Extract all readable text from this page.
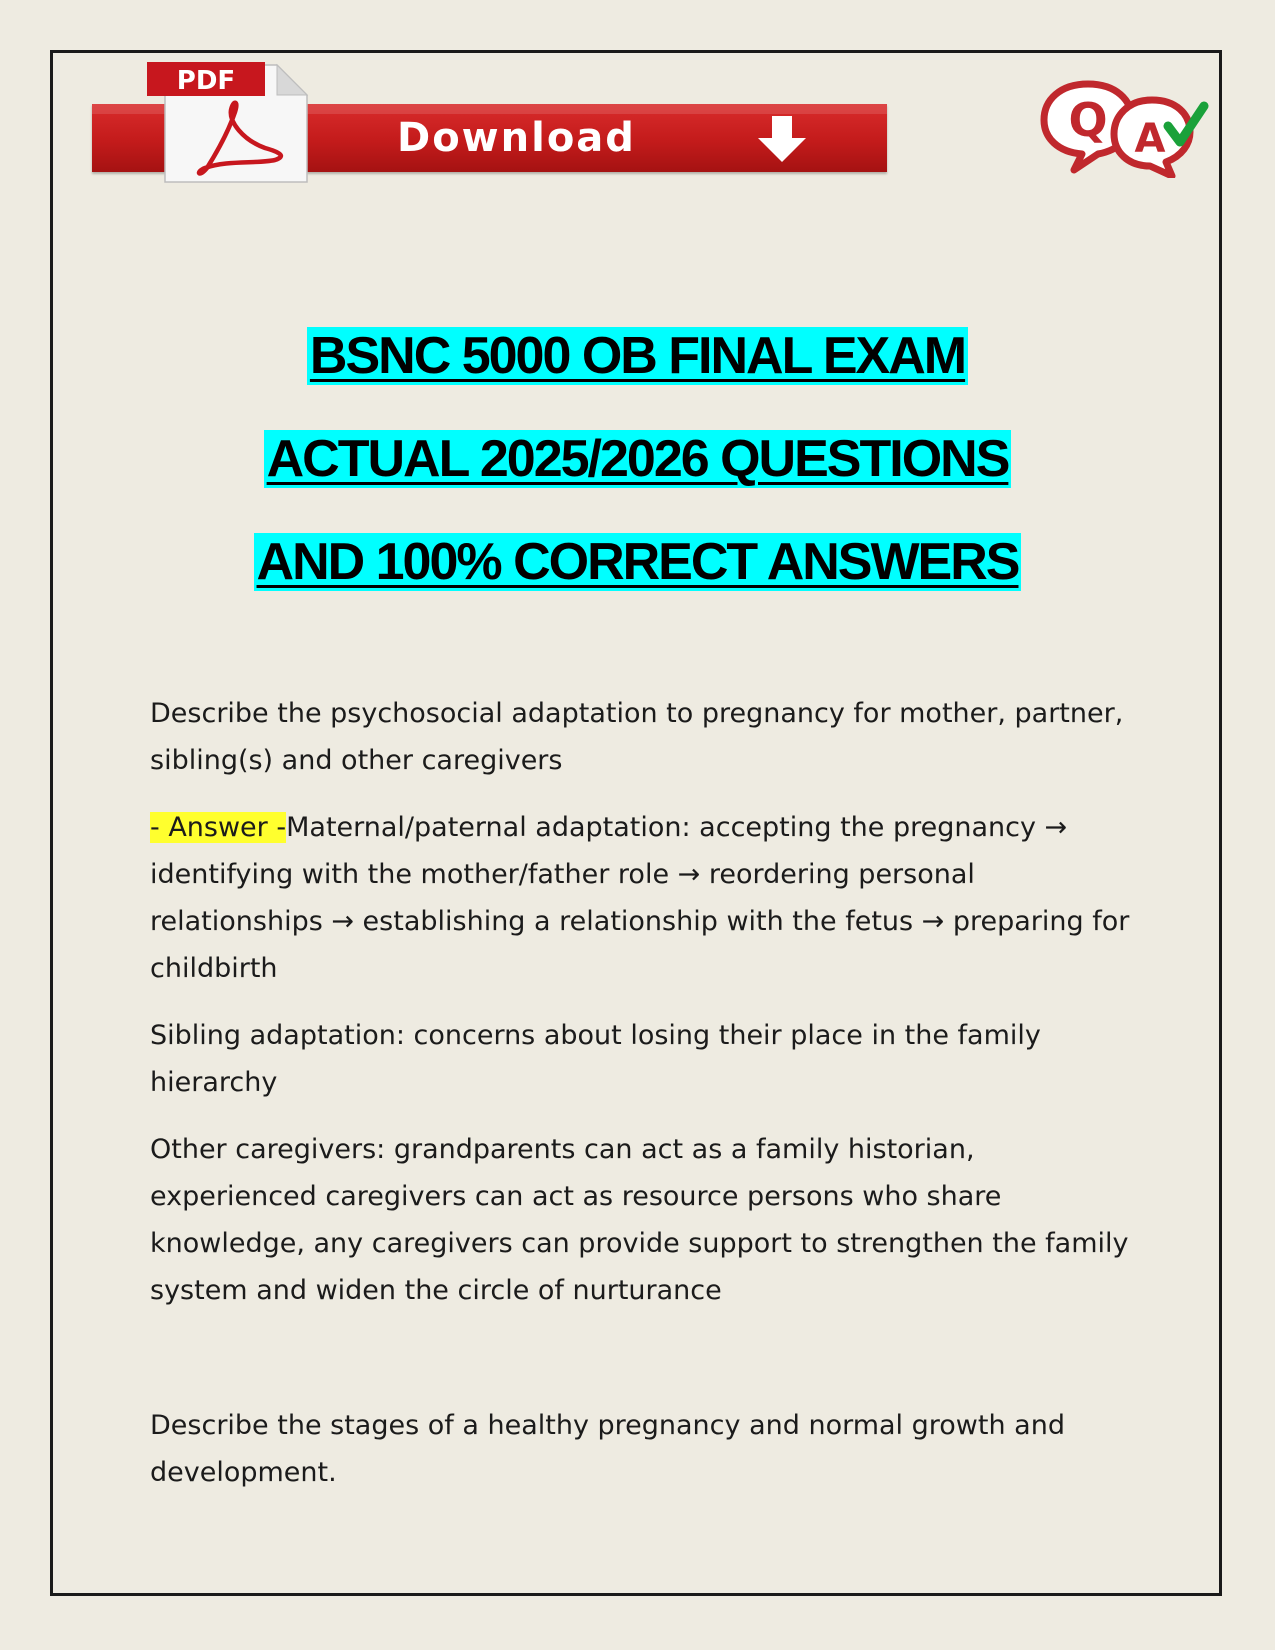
PDF
Download	Q A
BSNC 5000 OB FINAL EXAM
ACTUAL 2025/2026 QUESTIONS
AND 100% CORRECT ANSWERS

Describe the psychosocial adaptation to pregnancy for mother, partner, sibling(s) and other caregivers

- Answer -Maternal/paternal adaptation: accepting the pregnancy → identifying with the mother/father role → reordering personal relationships → establishing a relationship with the fetus → preparing for childbirth

Sibling adaptation: concerns about losing their place in the family hierarchy

Other caregivers: grandparents can act as a family historian, experienced caregivers can act as resource persons who share knowledge, any caregivers can provide support to strengthen the family system and widen the circle of nurturance

Describe the stages of a healthy pregnancy and normal growth and development.
